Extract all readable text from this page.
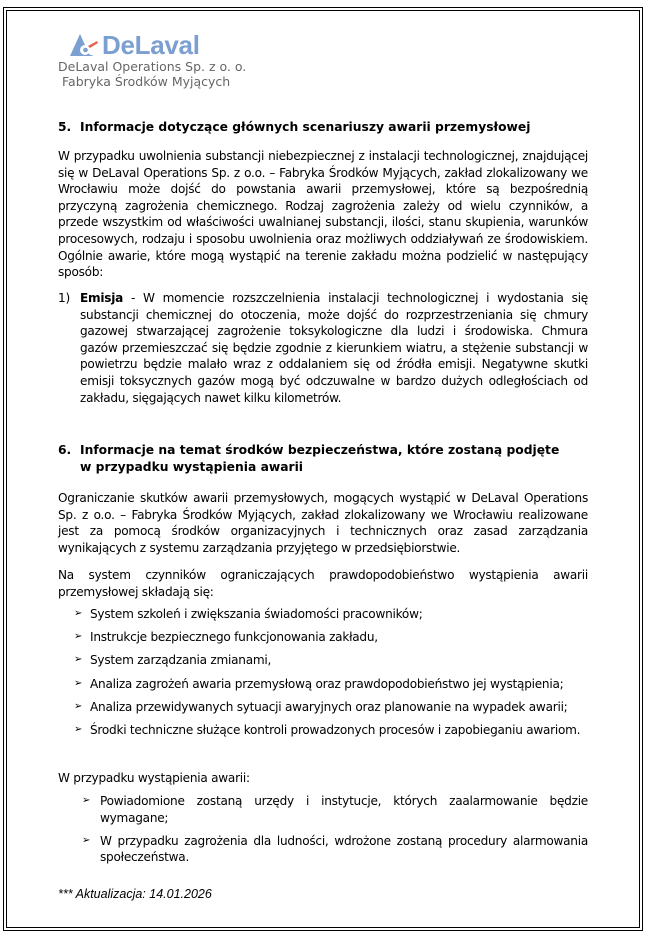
DeLaval
DeLaval Operations Sp. z o. o.
Fabryka Środków Myjących
5. Informacje dotyczące głównych scenariuszy awarii przemysłowej
W przypadku uwolnienia substancji niebezpiecznej z instalacji technologicznej, znajdującej się w DeLaval Operations Sp. z o.o. – Fabryka Środków Myjących, zakład zlokalizowany we Wrocławiu może dojść do powstania awarii przemysłowej, które są bezpośrednią przyczyną zagrożenia chemicznego. Rodzaj zagrożenia zależy od wielu czynników, a przede wszystkim od właściwości uwalnianej substancji, ilości, stanu skupienia, warunków procesowych, rodzaju i sposobu uwolnienia oraz możliwych oddziaływań ze środowiskiem. Ogólnie awarie, które mogą wystąpić na terenie zakładu można podzielić w następujący sposób:
1) Emisja - W momencie rozszczelnienia instalacji technologicznej i wydostania się substancji chemicznej do otoczenia, może dojść do rozprzestrzeniania się chmury gazowej stwarzającej zagrożenie toksykologiczne dla ludzi i środowiska. Chmura gazów przemieszczać się będzie zgodnie z kierunkiem wiatru, a stężenie substancji w powietrzu będzie malało wraz z oddalaniem się od źródła emisji. Negatywne skutki emisji toksycznych gazów mogą być odczuwalne w bardzo dużych odległościach od zakładu, sięgających nawet kilku kilometrów.
6. Informacje na temat środków bezpieczeństwa, które zostaną podjęte
w przypadku wystąpienia awarii
Ograniczanie skutków awarii przemysłowych, mogących wystąpić w DeLaval Operations Sp. z o.o. – Fabryka Środków Myjących, zakład zlokalizowany we Wrocławiu realizowane jest za pomocą środków organizacyjnych i technicznych oraz zasad zarządzania wynikających z systemu zarządzania przyjętego w przedsiębiorstwie.
Na system czynników ograniczających prawdopodobieństwo wystąpienia awarii przemysłowej składają się:
➢ System szkoleń i zwiększania świadomości pracowników;
➢ Instrukcje bezpiecznego funkcjonowania zakładu,
➢ System zarządzania zmianami,
➢ Analiza zagrożeń awaria przemysłową oraz prawdopodobieństwo jej wystąpienia;
➢ Analiza przewidywanych sytuacji awaryjnych oraz planowanie na wypadek awarii;
➢ Środki techniczne służące kontroli prowadzonych procesów i zapobieganiu awariom.
W przypadku wystąpienia awarii:
➢ Powiadomione zostaną urzędy i instytucje, których zaalarmowanie będzie wymagane;
➢ W przypadku zagrożenia dla ludności, wdrożone zostaną procedury alarmowania społeczeństwa.
*** Aktualizacja: 14.01.2026
